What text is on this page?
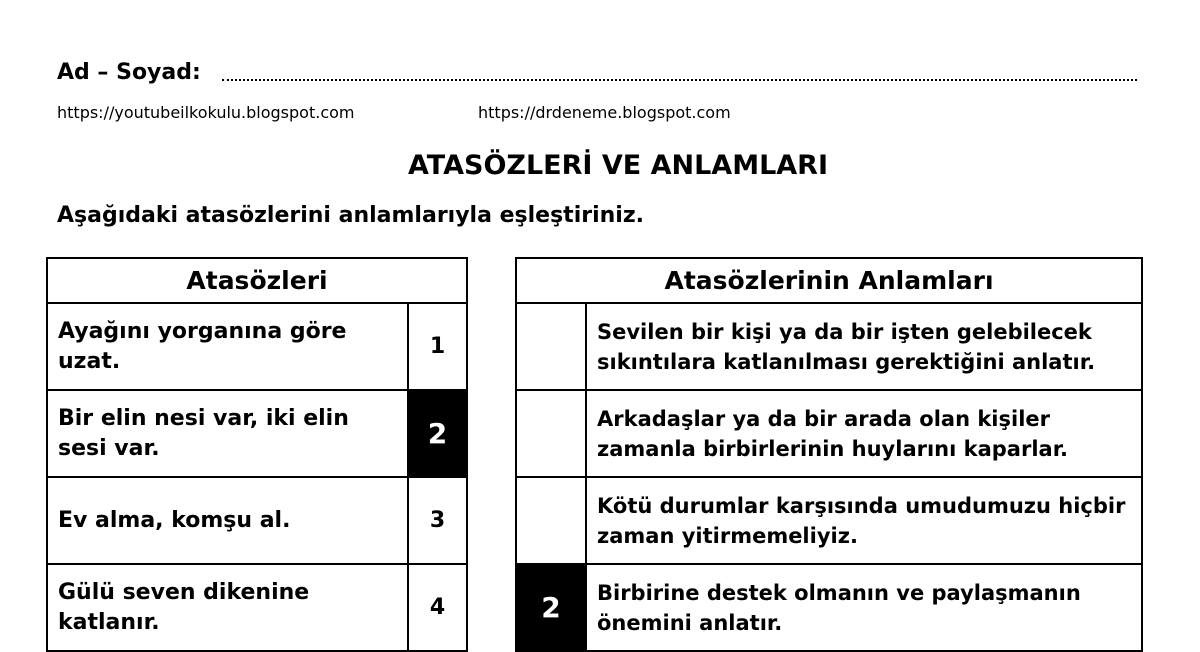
Ad – Soyad:
https://youtubeilkokulu.blogspot.com	https://drdeneme.blogspot.com
ATASÖZLERİ VE ANLAMLARI
Aşağıdaki atasözlerini anlamlarıyla eşleştiriniz.
Atasözleri	
Ayağını yorganına göre uzat.	1
Bir elin nesi var, iki elin sesi var.	2
Ev alma, komşu al.	3
Gülü seven dikenine katlanır.	4
Atasözlerinin Anlamları	
	Sevilen bir kişi ya da bir işten gelebilecek sıkıntılara katlanılması gerektiğini anlatır.
	Arkadaşlar ya da bir arada olan kişiler zamanla birbirlerinin huylarını kaparlar.
	Kötü durumlar karşısında umudumuzu hiçbir zaman yitirmemeliyiz.
2	Birbirine destek olmanın ve paylaşmanın önemini anlatır.
